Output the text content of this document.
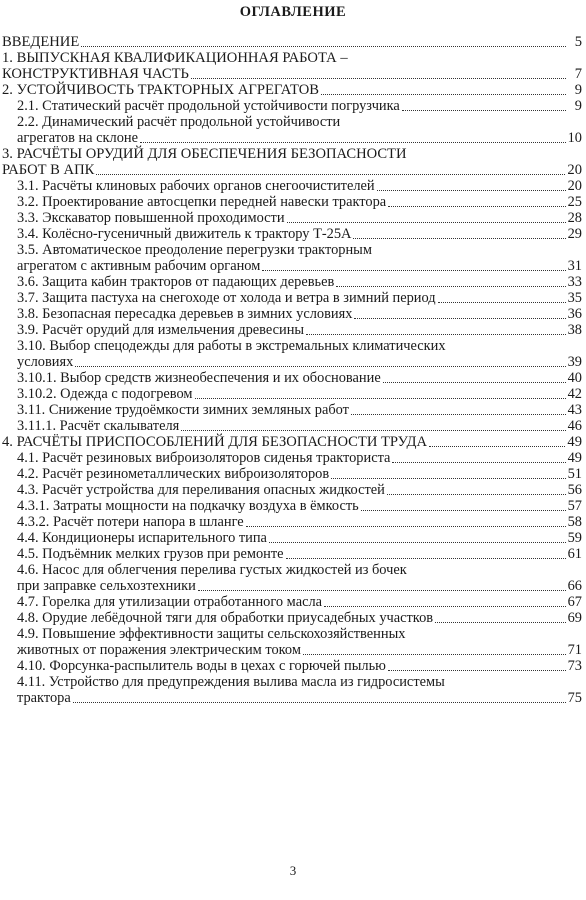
ОГЛАВЛЕНИЕ
ВВЕДЕНИЕ	5
1. ВЫПУСКНАЯ КВАЛИФИКАЦИОННАЯ РАБОТА –
КОНСТРУКТИВНАЯ ЧАСТЬ	7
2. УСТОЙЧИВОСТЬ ТРАКТОРНЫХ АГРЕГАТОВ	9
2.1. Статический расчёт продольной устойчивости погрузчика	9
2.2. Динамический расчёт продольной устойчивости
агрегатов на склоне	10
3. РАСЧЁТЫ ОРУДИЙ ДЛЯ ОБЕСПЕЧЕНИЯ БЕЗОПАСНОСТИ
РАБОТ В АПК	20
3.1. Расчёты клиновых рабочих органов снегоочистителей	20
3.2. Проектирование автосцепки передней навески трактора	25
3.3. Экскаватор повышенной проходимости	28
3.4. Колёсно-гусеничный движитель к трактору Т-25А	29
3.5. Автоматическое преодоление перегрузки тракторным
агрегатом с активным рабочим органом	31
3.6. Защита кабин тракторов от падающих деревьев	33
3.7. Защита пастуха на снегоходе от холода и ветра в зимний период	35
3.8. Безопасная пересадка деревьев в зимних условиях	36
3.9. Расчёт орудий для измельчения древесины	38
3.10. Выбор спецодежды для работы в экстремальных климатических
условиях	39
3.10.1. Выбор средств жизнеобеспечения и их обоснование	40
3.10.2. Одежда с подогревом	42
3.11. Снижение трудоёмкости зимних земляных работ	43
3.11.1. Расчёт скалывателя	46
4. РАСЧЁТЫ ПРИСПОСОБЛЕНИЙ ДЛЯ БЕЗОПАСНОСТИ ТРУДА	49
4.1. Расчёт резиновых виброизоляторов сиденья тракториста	49
4.2. Расчёт резинометаллических виброизоляторов	51
4.3. Расчёт устройства для переливания опасных жидкостей	56
4.3.1. Затраты мощности на подкачку воздуха в ёмкость	57
4.3.2. Расчёт потери напора в шланге	58
4.4. Кондиционеры испарительного типа	59
4.5. Подъёмник мелких грузов при ремонте	61
4.6. Насос для облегчения перелива густых жидкостей из бочек
при заправке сельхозтехники	66
4.7. Горелка для утилизации отработанного масла	67
4.8. Орудие лебёдочной тяги для обработки приусадебных участков	69
4.9. Повышение эффективности защиты сельскохозяйственных
животных от поражения электрическим током	71
4.10. Форсунка-распылитель воды в цехах с горючей пылью	73
4.11. Устройство для предупреждения вылива масла из гидросистемы
трактора	75
3
